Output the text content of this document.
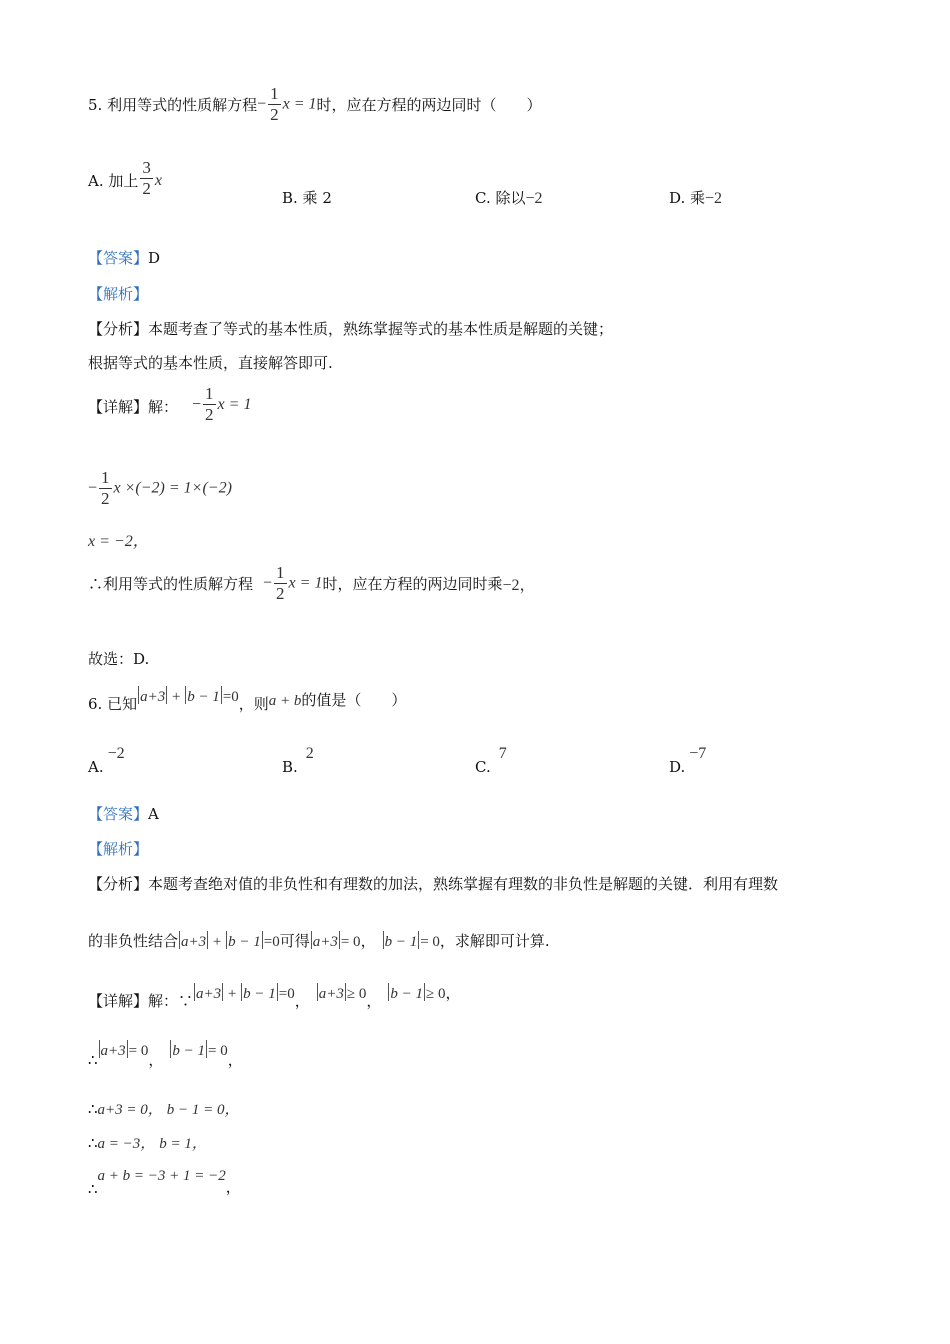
5. 利用等式的性质解方程− $\frac{1}{2}$ x = 1时，应在方程的两边同时（　　）
A. 加上 $\frac{3}{2}$ x
B. 乘 2	C. 除以−2	D. 乘−2
【答案】D
【解析】
【分析】本题考查了等式的基本性质，熟练掌握等式的基本性质是解题的关键；
根据等式的基本性质，直接解答即可.
【详解】解： − $\frac{1}{2}$ x = 1
− $\frac{1}{2}$ x ×(−2) = 1×(−2)
x = −2，
∴利用等式的性质解方程 − $\frac{1}{2}$ x = 1时，应在方程的两边同时乘−2，
故选：D.
6. 已知 a+3 + b − 1 =0，则a + b的值是（　　）
A.−2
B.2
C.7
D.−7
【答案】A
【解析】
【分析】本题考查绝对值的非负性和有理数的加法，熟练掌握有理数的非负性是解题的关键．利用有理数
的非负性结合 a+3 + b − 1 =0可得 a+3 = 0， b − 1 = 0，求解即可计算.
【详解】解：∵ a+3 + b − 1 =0， a+3 ≥ 0， b − 1 ≥ 0，
∴ a+3 = 0， b − 1 = 0，
∴a+3 = 0， b − 1 = 0，
∴a = −3， b = 1，
∴a + b = −3 + 1 = −2，
